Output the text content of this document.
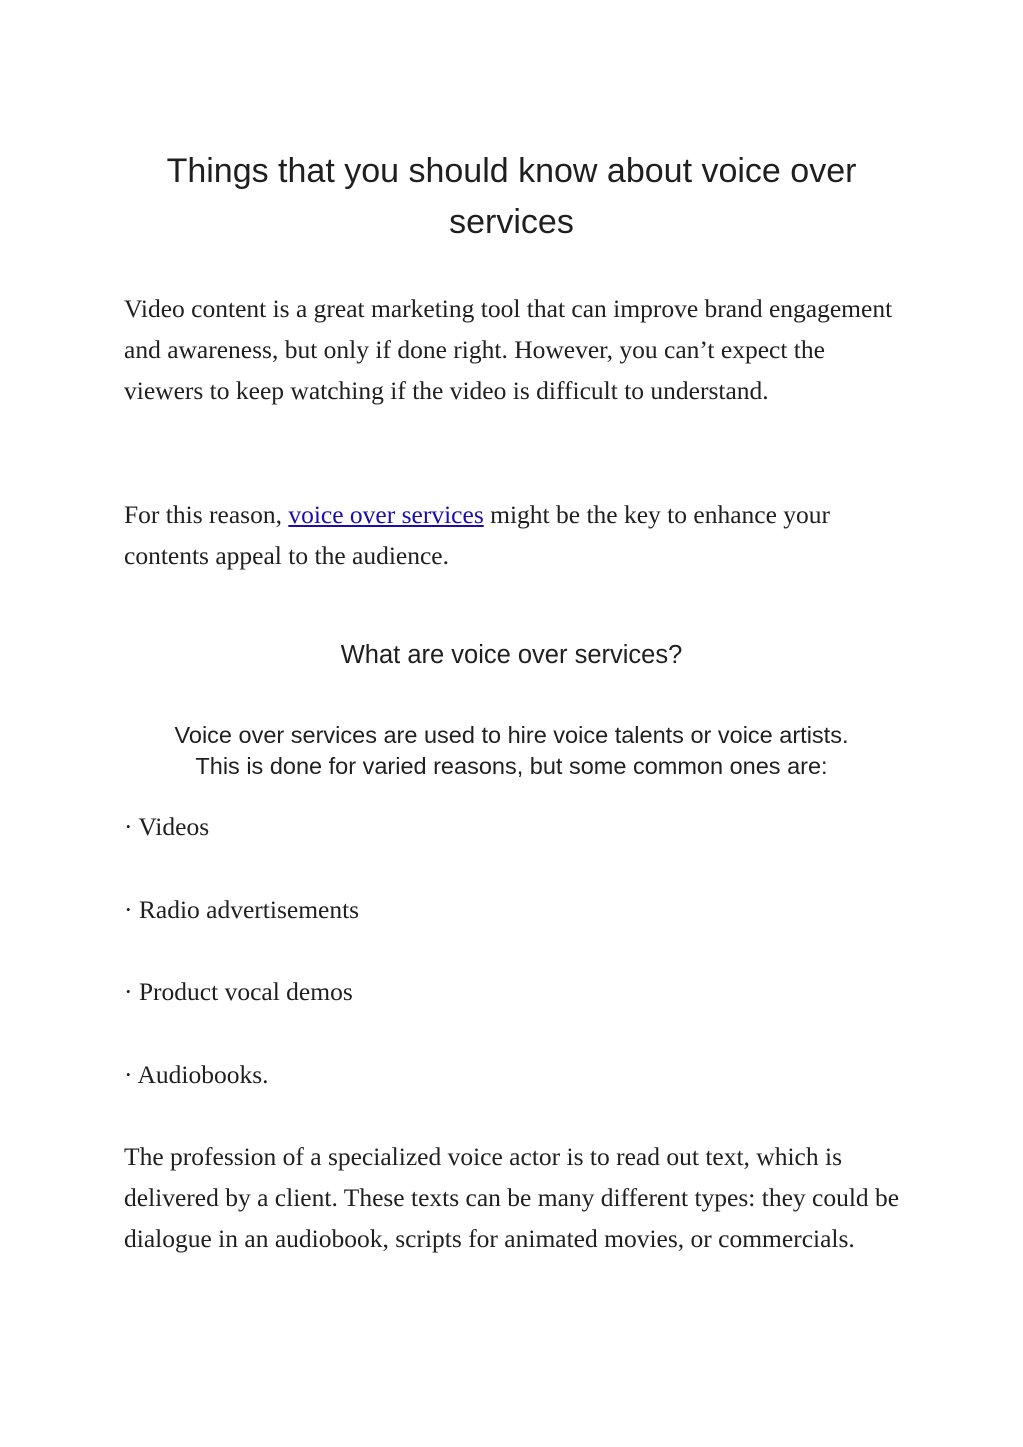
Things that you should know about voice over services

Video content is a great marketing tool that can improve brand engagement and awareness, but only if done right. However, you can’t expect the viewers to keep watching if the video is difficult to understand.

For this reason, voice over services might be the key to enhance your contents appeal to the audience.

What are voice over services?

Voice over services are used to hire voice talents or voice artists.
This is done for varied reasons, but some common ones are:

· Videos
· Radio advertisements
· Product vocal demos
· Audiobooks.

The profession of a specialized voice actor is to read out text, which is delivered by a client. These texts can be many different types: they could be dialogue in an audiobook, scripts for animated movies, or commercials.
